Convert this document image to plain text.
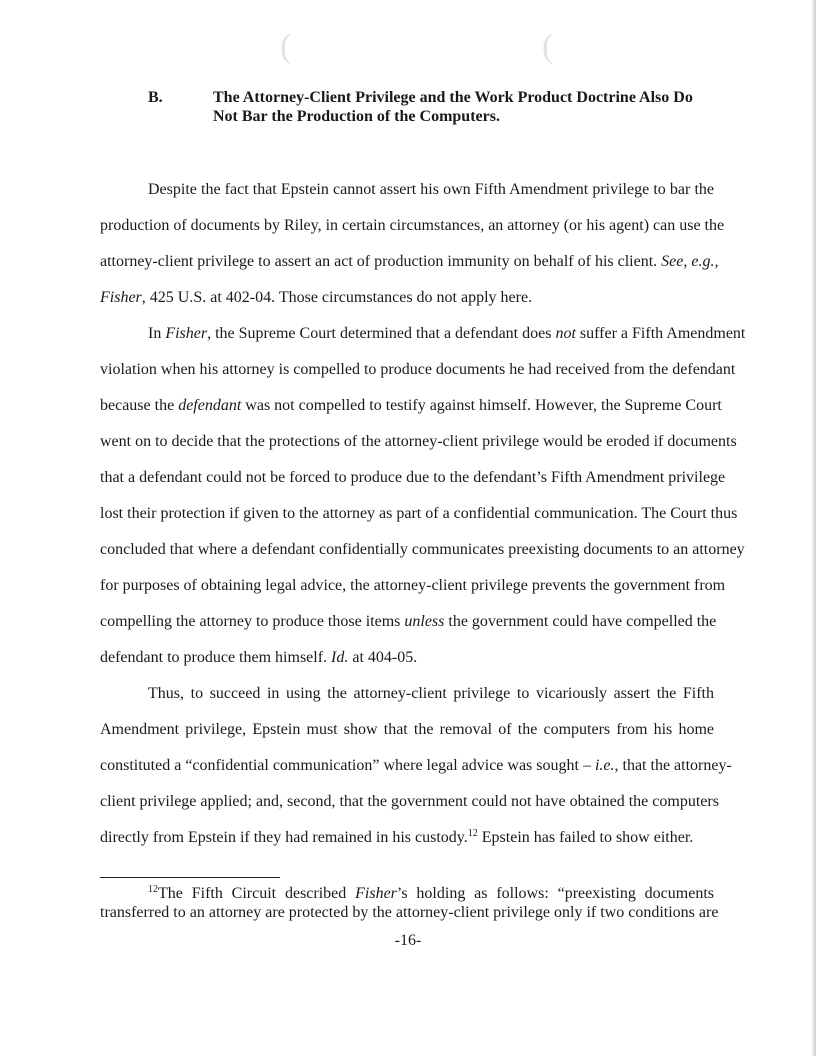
(	(
B.	The Attorney-Client Privilege and the Work Product Doctrine Also Do
Not Bar the Production of the Computers.
Despite the fact that Epstein cannot assert his own Fifth Amendment privilege to bar the
production of documents by Riley, in certain circumstances, an attorney (or his agent) can use the
attorney-client privilege to assert an act of production immunity on behalf of his client. See, e.g.,
Fisher, 425 U.S. at 402-04. Those circumstances do not apply here.
In Fisher, the Supreme Court determined that a defendant does not suffer a Fifth Amendment
violation when his attorney is compelled to produce documents he had received from the defendant
because the defendant was not compelled to testify against himself. However, the Supreme Court
went on to decide that the protections of the attorney-client privilege would be eroded if documents
that a defendant could not be forced to produce due to the defendant’s Fifth Amendment privilege
lost their protection if given to the attorney as part of a confidential communication. The Court thus
concluded that where a defendant confidentially communicates preexisting documents to an attorney
for purposes of obtaining legal advice, the attorney-client privilege prevents the government from
compelling the attorney to produce those items unless the government could have compelled the
defendant to produce them himself. Id. at 404-05.
Thus, to succeed in using the attorney-client privilege to vicariously assert the Fifth
Amendment privilege, Epstein must show that the removal of the computers from his home
constituted a “confidential communication” where legal advice was sought – i.e., that the attorney-
client privilege applied; and, second, that the government could not have obtained the computers
directly from Epstein if they had remained in his custody.$^{12}$ Epstein has failed to show either.
$^{12}$The Fifth Circuit described Fisher’s holding as follows: “preexisting documents
transferred to an attorney are protected by the attorney-client privilege only if two conditions are
-16-
